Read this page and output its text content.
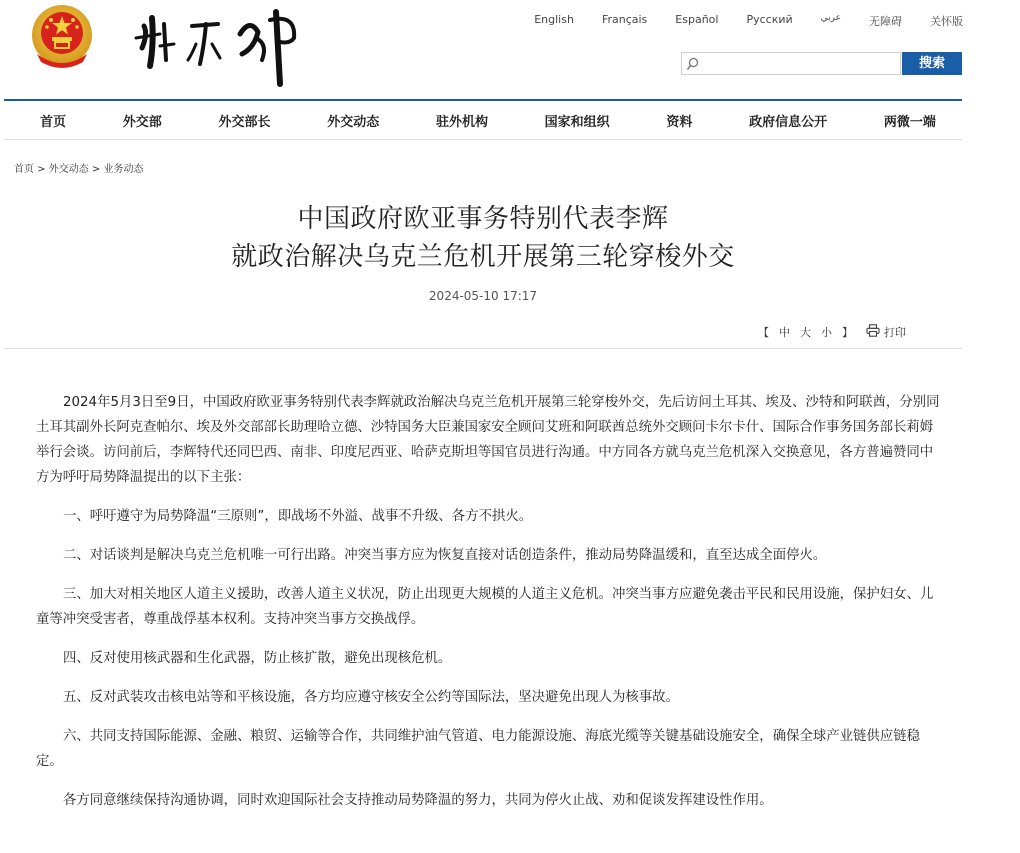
English	Français	Español	Русский	عربي	无障碍	关怀版
搜索
首页	外交部	外交部长	外交动态	驻外机构	国家和组织	资料	政府信息公开	两微一端
首页 > 外交动态 > 业务动态
中国政府欧亚事务特别代表李辉
就政治解决乌克兰危机开展第三轮穿梭外交
2024-05-10 17:17
【 中 大 小 】	打印

2024年5月3日至9日，中国政府欧亚事务特别代表李辉就政治解决乌克兰危机开展第三轮穿梭外交，先后访问土耳其、埃及、沙特和阿联酋，分别同土耳其副外长阿克查帕尔、埃及外交部部长助理哈立德、沙特国务大臣兼国家安全顾问艾班和阿联酋总统外交顾问卡尔卡什、国际合作事务国务部长莉姆举行会谈。访问前后，李辉特代还同巴西、南非、印度尼西亚、哈萨克斯坦等国官员进行沟通。中方同各方就乌克兰危机深入交换意见，各方普遍赞同中方为呼吁局势降温提出的以下主张：

一、呼吁遵守为局势降温“三原则”，即战场不外溢、战事不升级、各方不拱火。

二、对话谈判是解决乌克兰危机唯一可行出路。冲突当事方应为恢复直接对话创造条件，推动局势降温缓和，直至达成全面停火。

三、加大对相关地区人道主义援助，改善人道主义状况，防止出现更大规模的人道主义危机。冲突当事方应避免袭击平民和民用设施，保护妇女、儿童等冲突受害者，尊重战俘基本权利。支持冲突当事方交换战俘。

四、反对使用核武器和生化武器，防止核扩散，避免出现核危机。

五、反对武装攻击核电站等和平核设施，各方均应遵守核安全公约等国际法，坚决避免出现人为核事故。

六、共同支持国际能源、金融、粮贸、运输等合作，共同维护油气管道、电力能源设施、海底光缆等关键基础设施安全，确保全球产业链供应链稳定。

各方同意继续保持沟通协调，同时欢迎国际社会支持推动局势降温的努力，共同为停火止战、劝和促谈发挥建设性作用。
